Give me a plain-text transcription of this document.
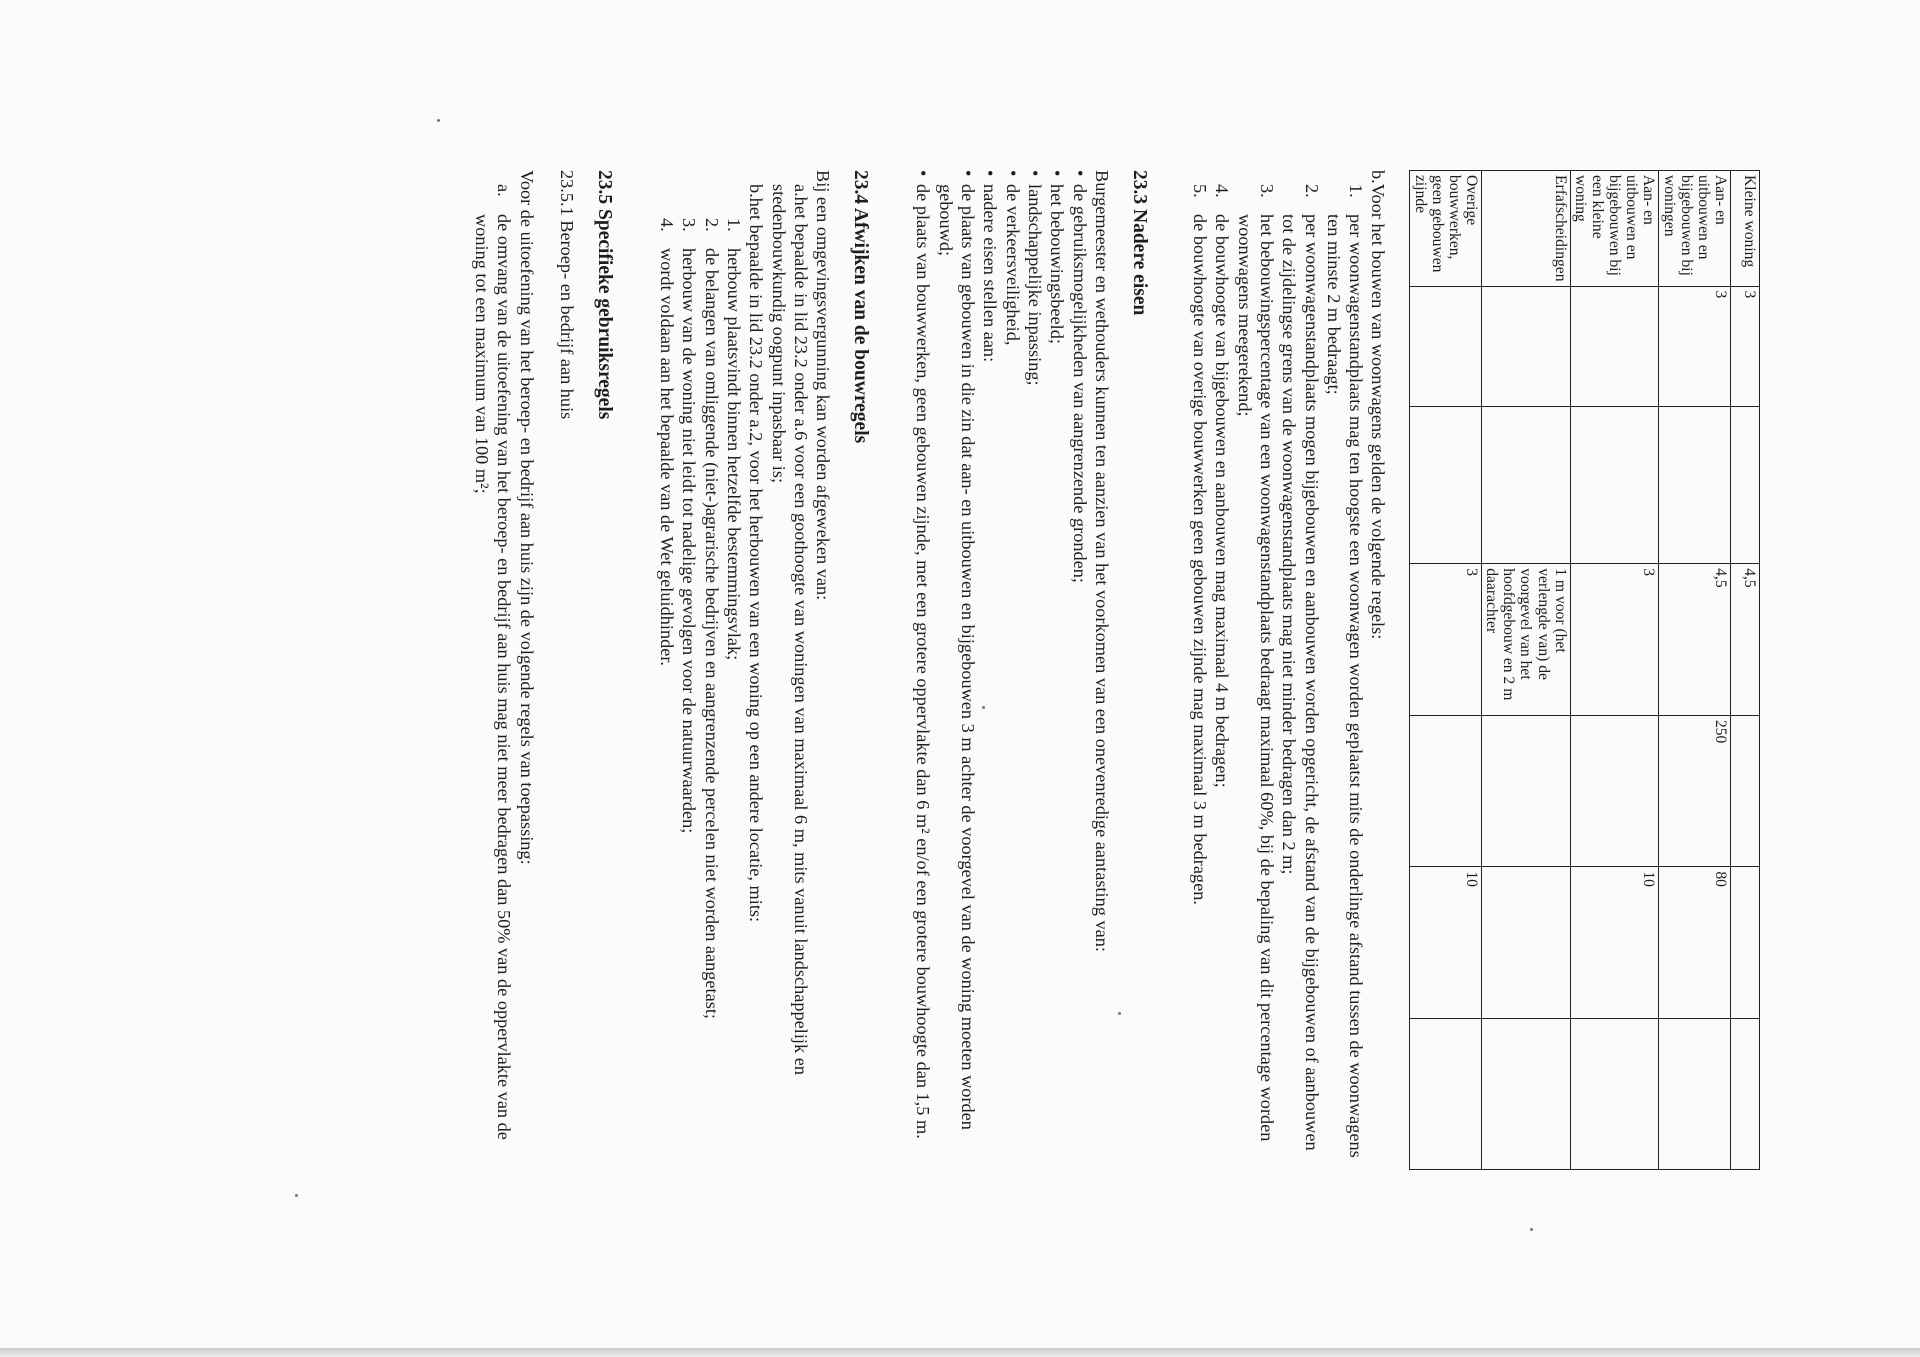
Kleine woning	3		4,5			
Aan- en uitbouwen en bijgebouwen bij woningen	3		4,5	250	80	
Aan- en uitbouwen en bijgebouwen bij een kleine woning			3		10	
Erfafscheidingen			1 m voor (het verlengde van) de voorgevel van het hoofdgebouw en 2 m daarachter			
Overige bouwwerken, geen gebouwen zijnde			3		10	

b.Voor het bouwen van woonwagens gelden de volgende regels:

1.
per woonwagenstandplaats mag ten hoogste een woonwagen worden geplaatst mits de onderlinge afstand tussen de woonwagens ten minste 2 m bedraagt;
2.
per woonwagenstandplaats mogen bijgebouwen en aanbouwen worden opgericht, de afstand van de bijgebouwen of aanbouwen tot de zijdelingse grens van de woonwagenstandplaats mag niet minder bedragen dan 2 m;
3.
het bebouwingspercentage van een woonwagenstandplaats bedraagt maximaal 60%, bij de bepaling van dit percentage worden woonwagens meegerekend;
4.
de bouwhoogte van bijgebouwen en aanbouwen mag maximaal 4 m bedragen;
5.
de bouwhoogte van overige bouwwerken geen gebouwen zijnde mag maximaal 3 m bedragen.
23.3 Nadere eisen

Burgemeester en wethouders kunnen ten aanzien van het voorkomen van een onevenredige aantasting van:

•
de gebruiksmogelijkheden van aangrenzende gronden;
•
het bebouwingsbeeld;
•
landschappelijke inpassing;
•
de verkeersveiligheid,
•
nadere eisen stellen aan:
•
de plaats van gebouwen in die zin dat aan- en uitbouwen en bijgebouwen 3 m achter de voorgevel van de woning moeten worden gebouwd;
•
de plaats van bouwwerken, geen gebouwen zijnde, met een grotere oppervlakte dan 6 m² en/of een grotere bouwhoogte dan 1,5 m.
23.4 Afwijken van de bouwregels

Bij een omgevingsvergunning kan worden afgeweken van:

a.het bepaalde in lid 23.2 onder a.6 voor een goothoogte van woningen van maximaal 6 m, mits vanuit landschappelijk en stedenbouwkundig oogpunt inpasbaar is;

b.het bepaalde in lid 23.2 onder a.2, voor het herbouwen van een woning op een andere locatie, mits:

1.
herbouw plaatsvindt binnen hetzelfde bestemmingsvlak;
2.
de belangen van omliggende (niet-)agrarische bedrijven en aangrenzende percelen niet worden aangetast;
3.
herbouw van de woning niet leidt tot nadelige gevolgen voor de natuurwaarden;
4.
wordt voldaan aan het bepaalde van de Wet geluidhinder.
23.5 Specifieke gebruiksregels

23.5.1 Beroep- en bedrijf aan huis

Voor de uitoefening van het beroep- en bedrijf aan huis zijn de volgende regels van toepassing:

a.
de omvang van de uitoefening van het beroep- en bedrijf aan huis mag niet meer bedragen dan 50% van de oppervlakte van de woning tot een maximum van 100 m²;
